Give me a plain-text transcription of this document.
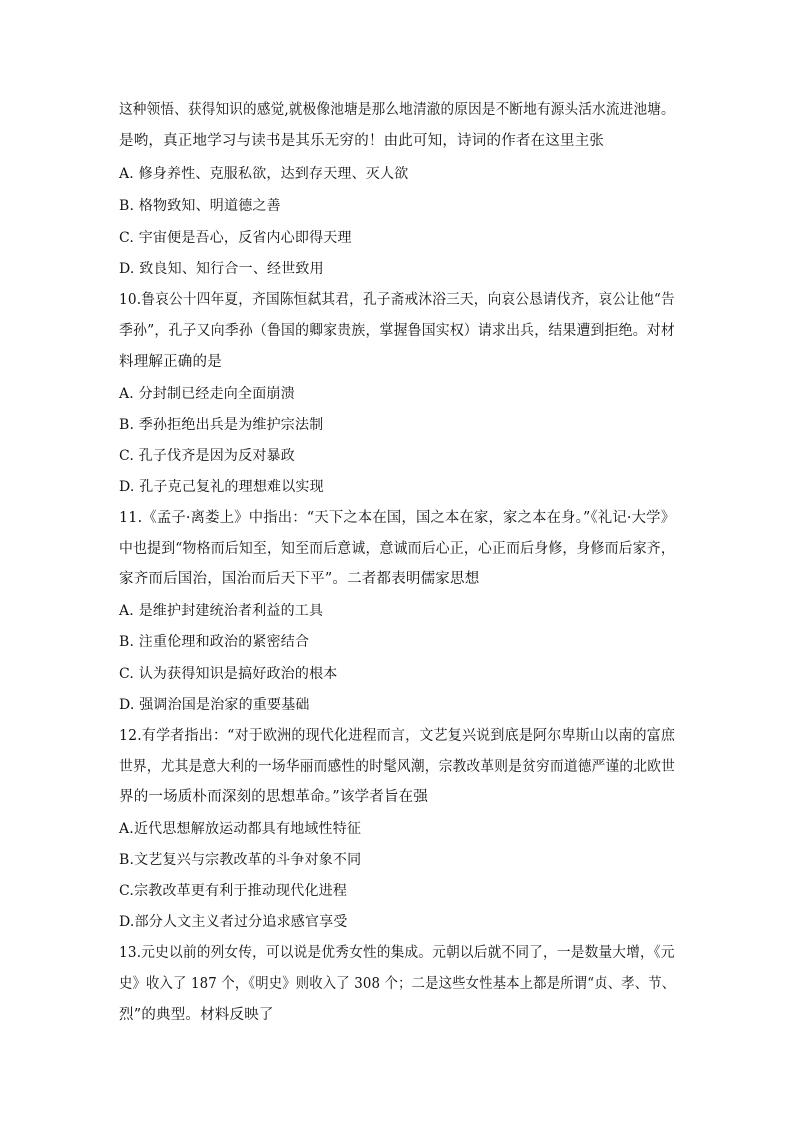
这种领悟、获得知识的感觉,就极像池塘是那么地清澈的原因是不断地有源头活水流进池塘。
是哟，真正地学习与读书是其乐无穷的！由此可知，诗词的作者在这里主张
A. 修身养性、克服私欲，达到存天理、灭人欲
B. 格物致知、明道德之善
C. 宇宙便是吾心，反省内心即得天理
D. 致良知、知行合一、经世致用
10.鲁哀公十四年夏，齐国陈恒弑其君，孔子斋戒沐浴三天，向哀公恳请伐齐，哀公让他“告
季孙”，孔子又向季孙（鲁国的卿家贵族，掌握鲁国实权）请求出兵，结果遭到拒绝。对材
料理解正确的是
A. 分封制已经走向全面崩溃
B. 季孙拒绝出兵是为维护宗法制
C. 孔子伐齐是因为反对暴政
D. 孔子克己复礼的理想难以实现
11.《孟子·离娄上》中指出：“天下之本在国，国之本在家，家之本在身。”《礼记·大学》
中也提到“物格而后知至，知至而后意诚，意诚而后心正，心正而后身修，身修而后家齐，
家齐而后国治，国治而后天下平”。二者都表明儒家思想
A. 是维护封建统治者利益的工具
B. 注重伦理和政治的紧密结合
C. 认为获得知识是搞好政治的根本
D. 强调治国是治家的重要基础
12.有学者指出：“对于欧洲的现代化进程而言，文艺复兴说到底是阿尔卑斯山以南的富庶
世界，尤其是意大利的一场华丽而感性的时髦风潮，宗教改革则是贫穷而道德严谨的北欧世
界的一场质朴而深刻的思想革命。”该学者旨在强
A.近代思想解放运动都具有地域性特征
B.文艺复兴与宗教改革的斗争对象不同
C.宗教改革更有利于推动现代化进程
D.部分人文主义者过分追求感官享受
13.元史以前的列女传，可以说是优秀女性的集成。元朝以后就不同了，一是数量大增，《元
史》收入了 187 个，《明史》则收入了 308 个；二是这些女性基本上都是所谓“贞、孝、节、
烈”的典型。材料反映了
